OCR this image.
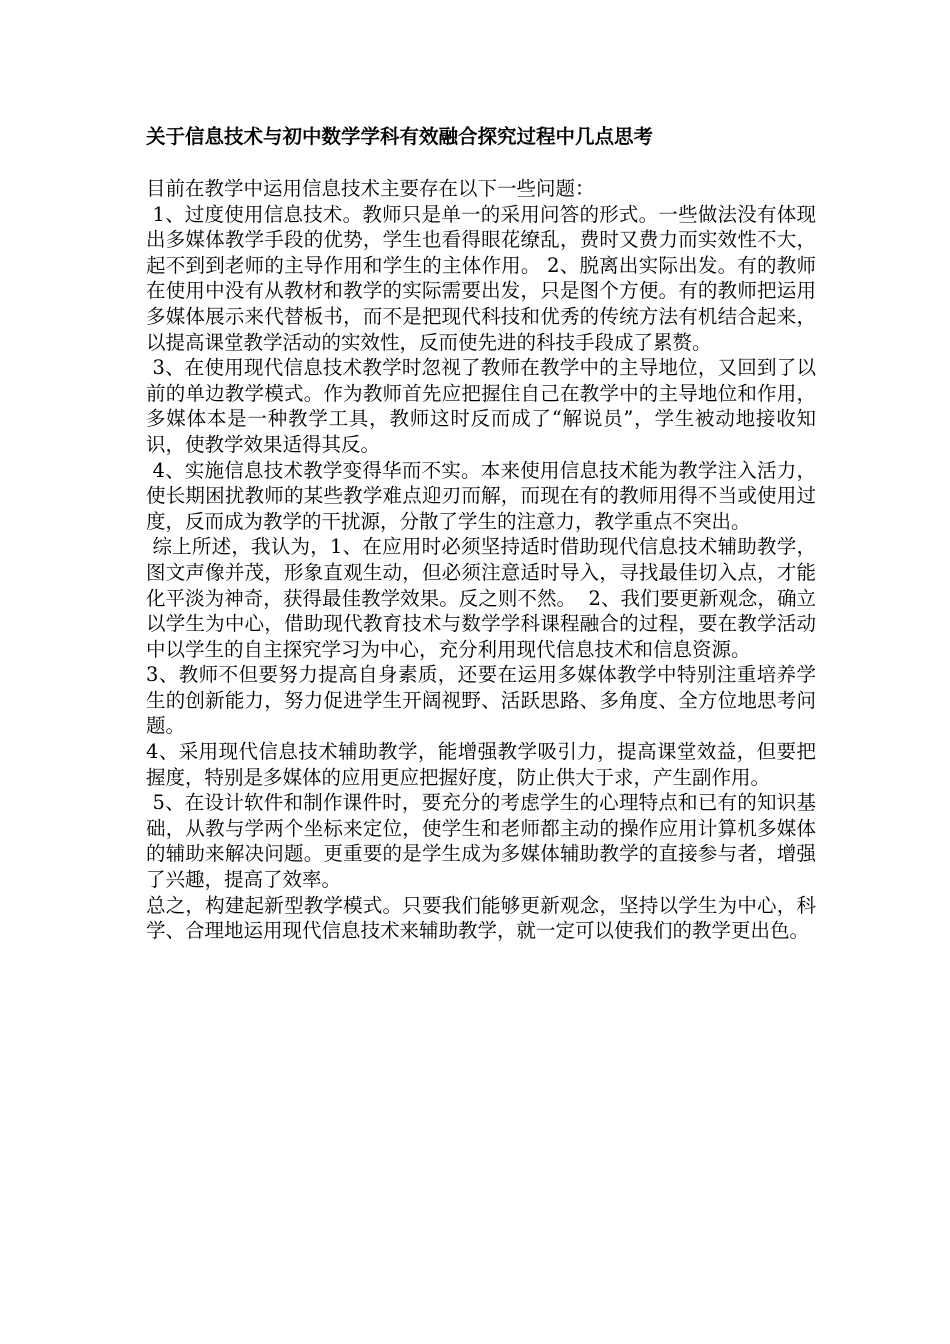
关于信息技术与初中数学学科有效融合探究过程中几点思考

目前在教学中运用信息技术主要存在以下一些问题：

1、过度使用信息技术。教师只是单一的采用问答的形式。一些做法没有体现出多媒体教学手段的优势，学生也看得眼花缭乱，费时又费力而实效性不大，起不到到老师的主导作用和学生的主体作用。 2、脱离出实际出发。有的教师在使用中没有从教材和教学的实际需要出发，只是图个方便。有的教师把运用多媒体展示来代替板书，而不是把现代科技和优秀的传统方法有机结合起来，以提高课堂教学活动的实效性，反而使先进的科技手段成了累赘。

3、在使用现代信息技术教学时忽视了教师在教学中的主导地位，又回到了以前的单边教学模式。作为教师首先应把握住自己在教学中的主导地位和作用，多媒体本是一种教学工具，教师这时反而成了“解说员”，学生被动地接收知识，使教学效果适得其反。

4、实施信息技术教学变得华而不实。本来使用信息技术能为教学注入活力，使长期困扰教师的某些教学难点迎刃而解，而现在有的教师用得不当或使用过度，反而成为教学的干扰源，分散了学生的注意力，教学重点不突出。

综上所述，我认为，1、在应用时必须坚持适时借助现代信息技术辅助教学，图文声像并茂，形象直观生动，但必须注意适时导入，寻找最佳切入点，才能化平淡为神奇，获得最佳教学效果。反之则不然。  2、我们要更新观念，确立以学生为中心，借助现代教育技术与数学学科课程融合的过程，要在教学活动中以学生的自主探究学习为中心，充分利用现代信息技术和信息资源。

3、教师不但要努力提高自身素质，还要在运用多媒体教学中特别注重培养学生的创新能力，努力促进学生开阔视野、活跃思路、多角度、全方位地思考问题。

4、采用现代信息技术辅助教学，能增强教学吸引力，提高课堂效益，但要把握度，特别是多媒体的应用更应把握好度，防止供大于求，产生副作用。

5、在设计软件和制作课件时，要充分的考虑学生的心理特点和已有的知识基础，从教与学两个坐标来定位，使学生和老师都主动的操作应用计算机多媒体的辅助来解决问题。更重要的是学生成为多媒体辅助教学的直接参与者，增强了兴趣，提高了效率。

总之，构建起新型教学模式。只要我们能够更新观念，坚持以学生为中心，科学、合理地运用现代信息技术来辅助教学，就一定可以使我们的教学更出色。
